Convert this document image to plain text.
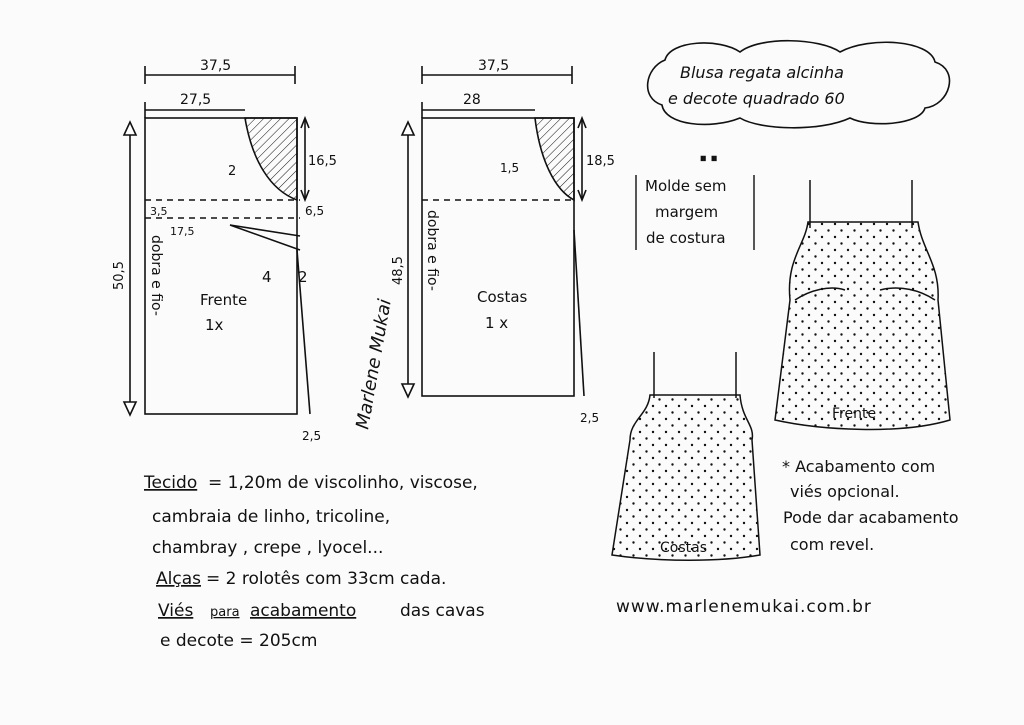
37,5
27,5
16,5
2
3,5
17,5
6,5
2
4
2,5
50,5 dobra e fio- Frente
1x	Marlene Mukai
37,5
28
18,5
1,5
2,5
48,5 dobra e fio-
Costas
1 x
Blusa regata alcinha
e decote quadrado 60
" "
Molde sem
margem
de costura
Frente
Costas
* Acabamento com
viés opcional.
Pode dar acabamento
com revel.
Tecido = 1,20m de viscolinho, viscose,
cambraia de linho, tricoline,
chambray , crepe , lyocel...
Alças = 2 rolotês com 33cm cada.
Viés para acabamento	das cavas
e decote = 205cm
www.marlenemukai.com.br
